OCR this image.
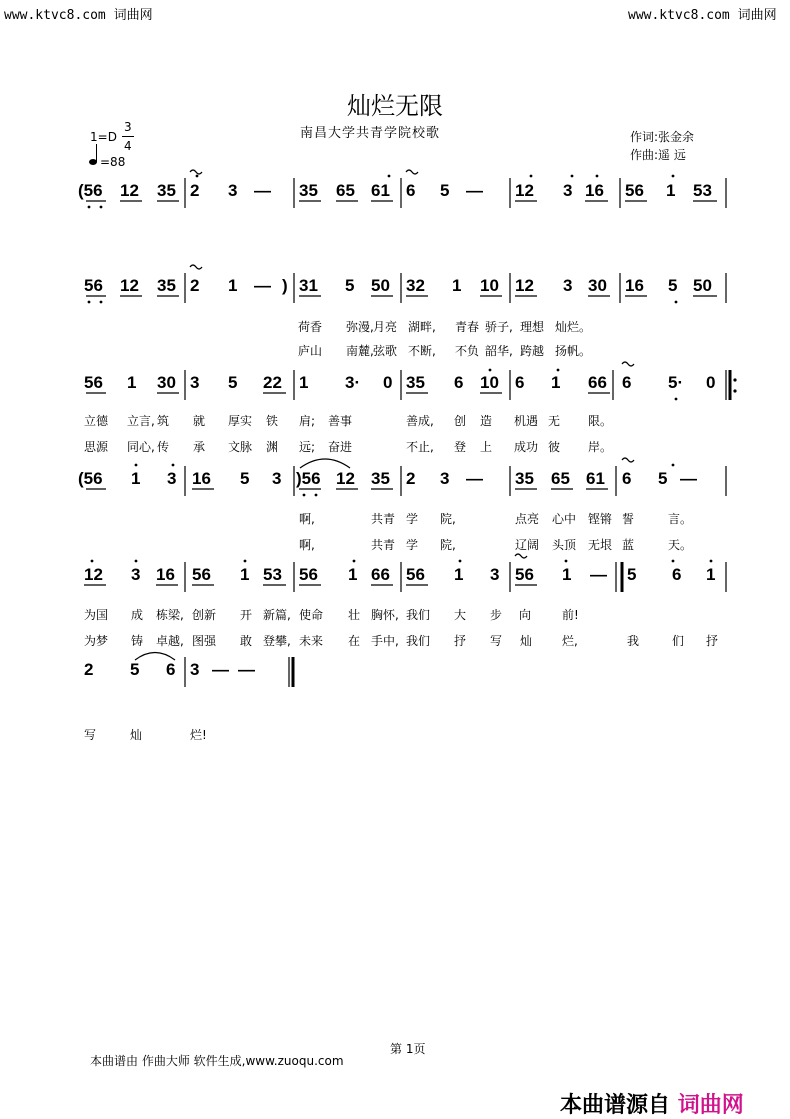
www.ktvc8.com 词曲网	www.ktvc8.com 词曲网
灿烂无限
南昌大学共青学院校歌	作词:张金余
作曲:遥 远
1=D
3
4
=88
(56 12 35 2 3 — 35 65 61 6 5 — 12 3 16 56 1 53
56 12 35 2 1 — ) 31 5 50 32 1 10 12 3 30 16 5 50
56 1 30 3 5 22 1 3· 0 35 6 10 6 1 66 6 5· 0
(56 1 3 16 5 3 )56 12 35 2 3 — 35 65 61 6 5 —
12 3 16 56 1 53 56 1 66 56 1 3 56 1 — 5 6 1
2 5 6 3 — —
荷香 弥漫, 月亮 湖畔, 青春 骄子, 理想 灿烂。
庐山 南麓, 弦歌 不断, 不负 韶华, 跨越 扬帆。
立德 立言, 筑 就 厚实 铁 肩; 善事	善成, 创 造 机遇 无 限。
思源 同心, 传 承 文脉 渊 远; 奋进	不止, 登 上 成功 彼 岸。
啊,	共青 学 院,	点亮 心中 铿锵 誓	言。
啊,	共青 学 院,	辽阔 头顶 无垠 蓝	天。
为国 成 栋梁, 创新 开 新篇, 使命 壮 胸怀, 我们 大 步 向	前!
为梦 铸 卓越, 图强 敢 登攀, 未来 在 手中, 我们 抒 写 灿 烂,	我	们 抒
写	灿	烂!
第 1页
本曲谱由 作曲大师 软件生成,www.zuoqu.com
本曲谱源自 词曲网
